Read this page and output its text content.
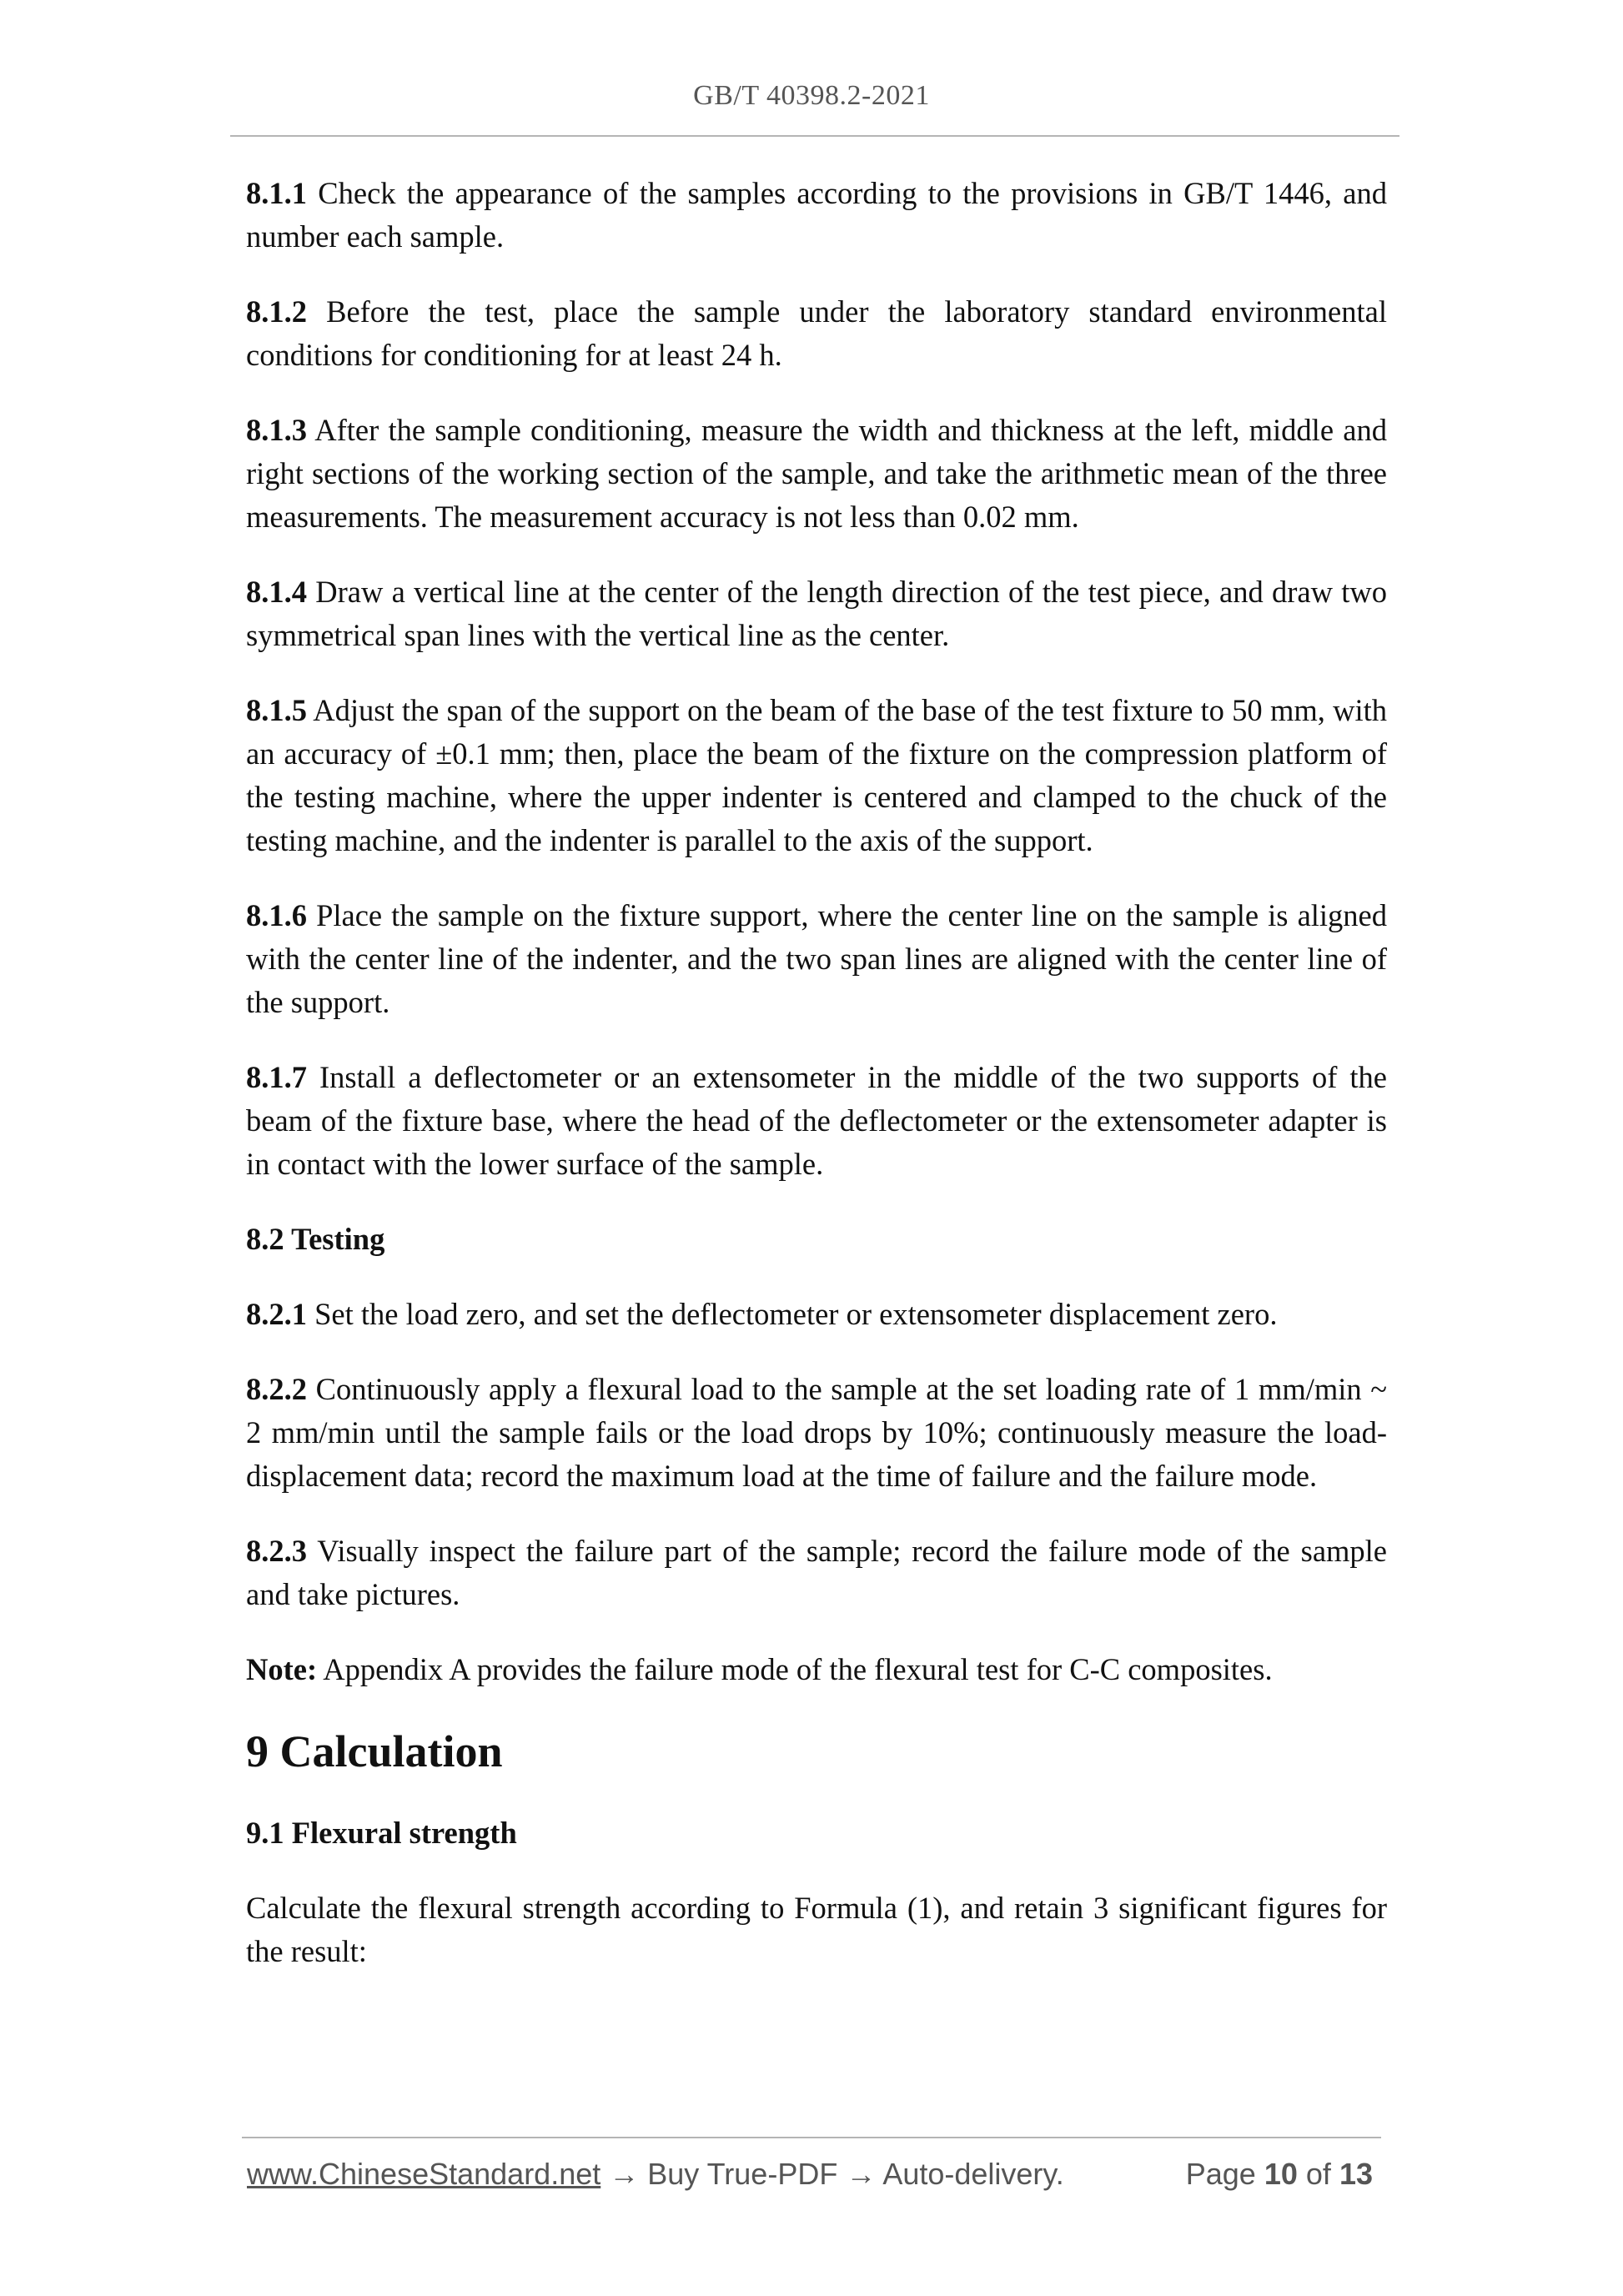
GB/T 40398.2-2021

8.1.1 Check the appearance of the samples according to the provisions in GB/T 1446, and number each sample.

8.1.2 Before the test, place the sample under the laboratory standard environmental conditions for conditioning for at least 24 h.

8.1.3 After the sample conditioning, measure the width and thickness at the left, middle and right sections of the working section of the sample, and take the arithmetic mean of the three measurements. The measurement accuracy is not less than 0.02 mm.

8.1.4 Draw a vertical line at the center of the length direction of the test piece, and draw two symmetrical span lines with the vertical line as the center.

8.1.5 Adjust the span of the support on the beam of the base of the test fixture to 50 mm, with an accuracy of ±0.1 mm; then, place the beam of the fixture on the compression platform of the testing machine, where the upper indenter is centered and clamped to the chuck of the testing machine, and the indenter is parallel to the axis of the support.

8.1.6 Place the sample on the fixture support, where the center line on the sample is aligned with the center line of the indenter, and the two span lines are aligned with the center line of the support.

8.1.7 Install a deflectometer or an extensometer in the middle of the two supports of the beam of the fixture base, where the head of the deflectometer or the extensometer adapter is in contact with the lower surface of the sample.

8.2 Testing

8.2.1 Set the load zero, and set the deflectometer or extensometer displacement zero.

8.2.2 Continuously apply a flexural load to the sample at the set loading rate of 1 mm/min ~ 2 mm/min until the sample fails or the load drops by 10%; continuously measure the load-displacement data; record the maximum load at the time of failure and the failure mode.

8.2.3 Visually inspect the failure part of the sample; record the failure mode of the sample and take pictures.

Note: Appendix A provides the failure mode of the flexural test for C-C composites.

9 Calculation
9.1 Flexural strength

Calculate the flexural strength according to Formula (1), and retain 3 significant figures for the result:

www.ChineseStandard.net → Buy True-PDF → Auto-delivery.	Page 10 of 13
